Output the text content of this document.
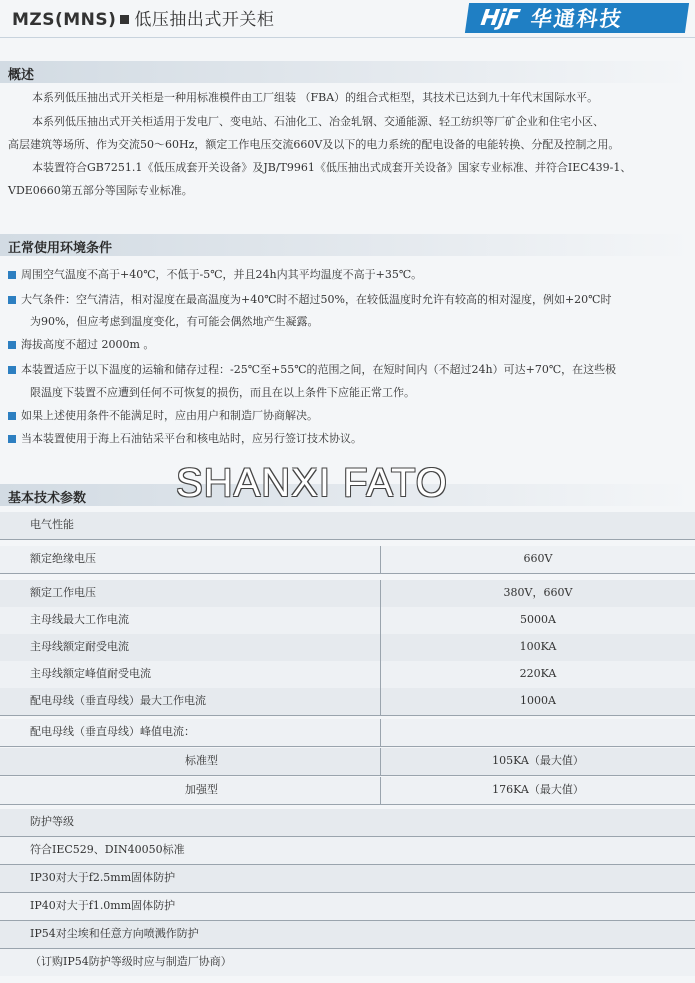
MZS(MNS) 低压抽出式开关柜	HjF 华通科技
概述
本系列低压抽出式开关柜是一种用标准模件由工厂组装 （FBA）的组合式柜型，其技术已达到九十年代末国际水平。
本系列低压抽出式开关柜适用于发电厂、变电站、石油化工、冶金轧钢、交通能源、轻工纺织等厂矿企业和住宅小区、
高层建筑等场所、作为交流50～60Hz，额定工作电压交流660V及以下的电力系统的配电设备的电能转换、分配及控制之用。
本装置符合GB7251.1《低压成套开关设备》及JB/T9961《低压抽出式成套开关设备》国家专业标准、并符合IEC439-1、
VDE0660第五部分等国际专业标准。
正常使用环境条件
周围空气温度不高于+40℃，不低于-5℃，并且24h内其平均温度不高于+35℃。
大气条件：空气清洁，相对湿度在最高温度为+40℃时不超过50%，在较低温度时允许有较高的相对湿度，例如+20℃时
为90%，但应考虑到温度变化，有可能会偶然地产生凝露。
海拔高度不超过 2000m 。
本装置适应于以下温度的运输和储存过程：-25℃至+55℃的范围之间，在短时间内（不超过24h）可达+70℃，在这些极
限温度下装置不应遭到任何不可恢复的损伤，而且在以上条件下应能正常工作。
如果上述使用条件不能满足时，应由用户和制造厂协商解决。
当本装置使用于海上石油钻采平台和核电站时，应另行签订技术协议。
基本技术参数 SHANXI FATO
电气性能
额定绝缘电压	660V
额定工作电压	380V，660V
主母线最大工作电流	5000A
主母线额定耐受电流	100KA
主母线额定峰值耐受电流	220KA
配电母线（垂直母线）最大工作电流	1000A
配电母线（垂直母线）峰值电流：
标准型	105KA（最大值）
加强型	176KA（最大值）
防护等级
符合IEC529、DIN40050标准
IP30对大于f2.5mm固体防护
IP40对大于f1.0mm固体防护
IP54对尘埃和任意方向喷溅作防护
（订购IP54防护等级时应与制造厂协商）
